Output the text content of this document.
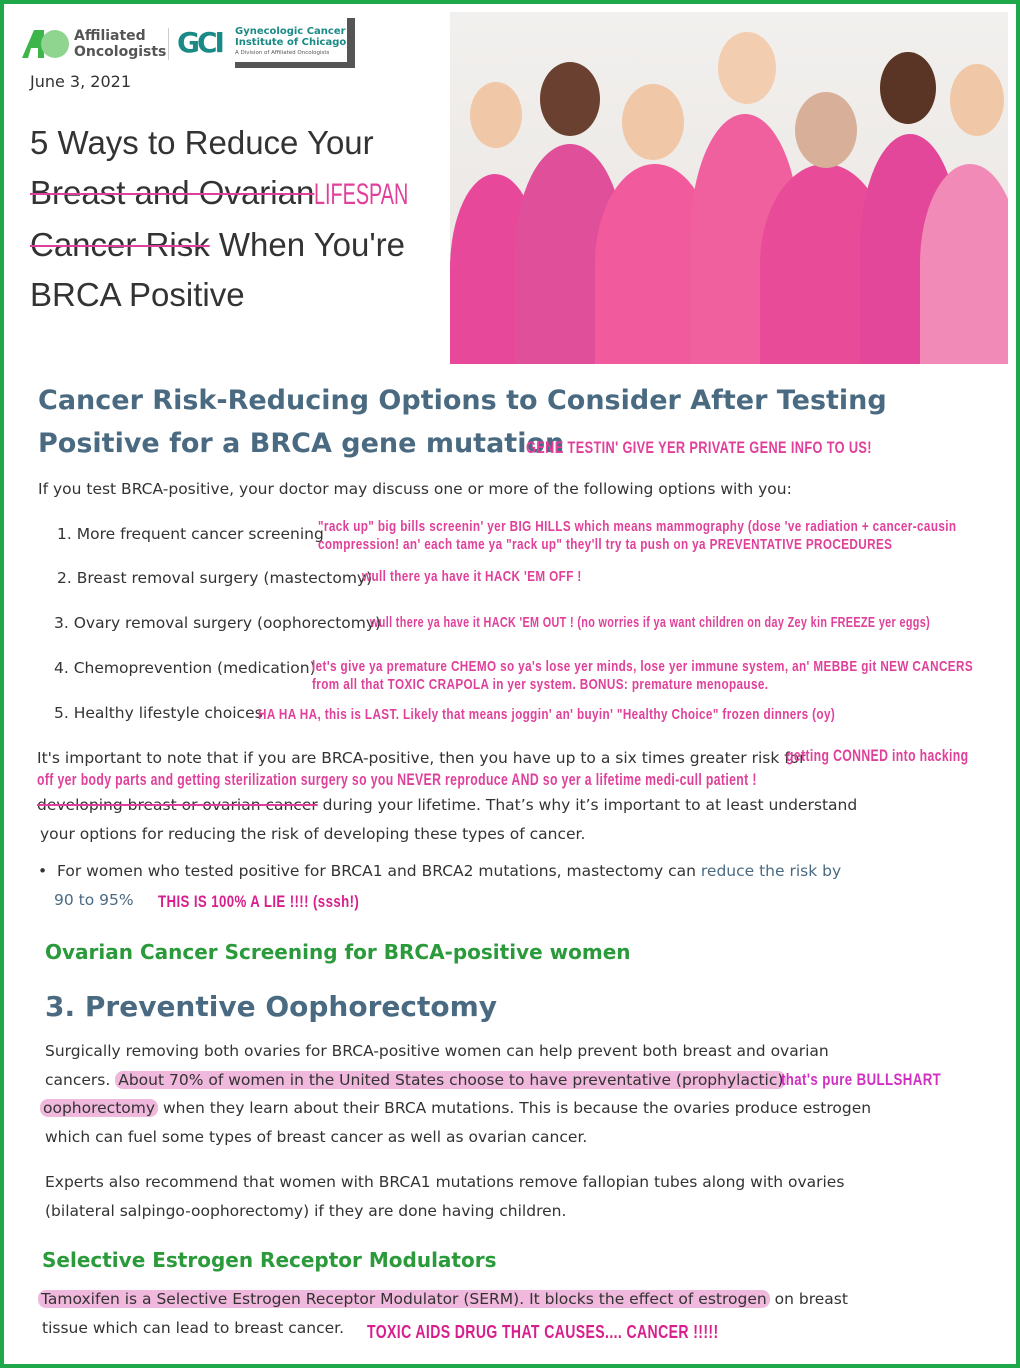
Affiliated
Oncologists GCI Gynecologic Cancer
Institute of Chicago
A Division of Affiliated Oncologists
June 3, 2021
5 Ways to Reduce Your
Breast and OvarianLIFESPAN
Cancer Risk When You're
BRCA Positive
Cancer Risk-Reducing Options to Consider After Testing
Positive for a BRCA gene mutation
GENE TESTIN' GIVE YER PRIVATE GENE INFO TO US!
If you test BRCA-positive, your doctor may discuss one or more of the following options with you:
1. More frequent cancer screening
"rack up" big bills screenin' yer BIG HILLS which means mammography (dose 've radiation + cancer-causin
compression! an' each tame ya "rack up" they'll try ta push on ya PREVENTATIVE PROCEDURES
2. Breast removal surgery (mastectomy)
wull there ya have it HACK 'EM OFF !
3. Ovary removal surgery (oophorectomy)
wull there ya have it HACK 'EM OUT ! (no worries if ya want children on day Zey kin FREEZE yer eggs)
4. Chemoprevention (medication)
let's give ya premature CHEMO so ya's lose yer minds, lose yer immune system, an' MEBBE git NEW CANCERS
from all that TOXIC CRAPOLA in yer system. BONUS: premature menopause.
5. Healthy lifestyle choices
HA HA HA, this is LAST. Likely that means joggin' an' buyin' "Healthy Choice" frozen dinners (oy)
It's important to note that if you are BRCA-positive, then you have up to a six times greater risk for
getting CONNED into hacking
off yer body parts and getting sterilization surgery so you NEVER reproduce AND so yer a lifetime medi-cull patient !
developing breast or ovarian cancer during your lifetime. That’s why it’s important to at least understand
your options for reducing the risk of developing these types of cancer.
•  For women who tested positive for BRCA1 and BRCA2 mutations, mastectomy can reduce the risk by
90 to 95% THIS IS 100% A LIE !!!! (sssh!)
Ovarian Cancer Screening for BRCA-positive women
3. Preventive Oophorectomy
Surgically removing both ovaries for BRCA-positive women can help prevent both breast and ovarian
cancers. About 70% of women in the United States choose to have preventative (prophylactic)
that's pure BULLSHART
oophorectomy when they learn about their BRCA mutations. This is because the ovaries produce estrogen
which can fuel some types of breast cancer as well as ovarian cancer.
Experts also recommend that women with BRCA1 mutations remove fallopian tubes along with ovaries
(bilateral salpingo-oophorectomy) if they are done having children.
Selective Estrogen Receptor Modulators
Tamoxifen is a Selective Estrogen Receptor Modulator (SERM). It blocks the effect of estrogen on breast
tissue which can lead to breast cancer. TOXIC AIDS DRUG THAT CAUSES.... CANCER !!!!!
